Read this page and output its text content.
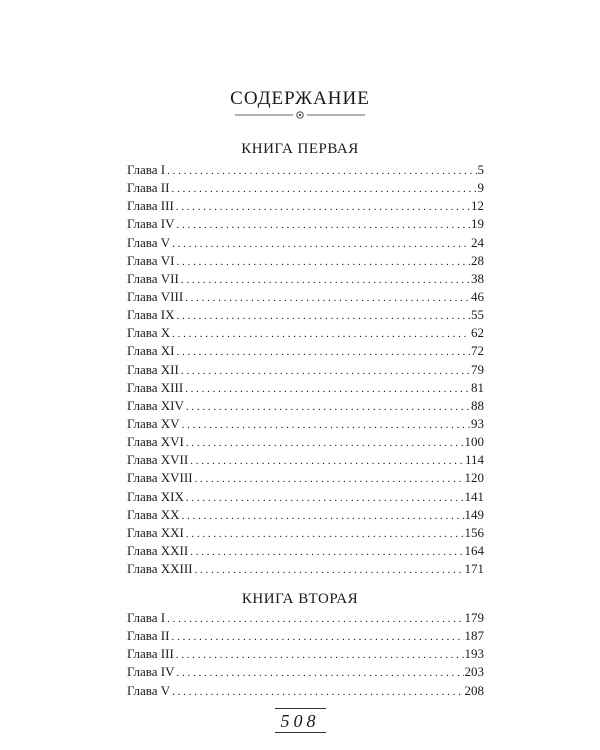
СОДЕРЖАНИЕ
КНИГА ПЕРВАЯ
Глава I . . .	5
Глава II . . .	9
Глава III . . .	12
Глава IV . . .	19
Глава V . . .	24
Глава VI . . .	28
Глава VII . . .	38
Глава VIII . . .	46
Глава IX . . .	55
Глава X . . .	62
Глава XI . . .	72
Глава XII . . .	79
Глава XIII . . .	81
Глава XIV . . .	88
Глава XV . . .	93
Глава XVI . . .	100
Глава XVII . . .	114
Глава XVIII . . .	120
Глава XIX . . .	141
Глава XX . . .	149
Глава XXI . . .	156
Глава XXII . . .	164
Глава XXIII . . .	171
КНИГА ВТОРАЯ
Глава I . . .	179
Глава II . . .	187
Глава III . . .	193
Глава IV . . .	203
Глава V . . .	208
508
